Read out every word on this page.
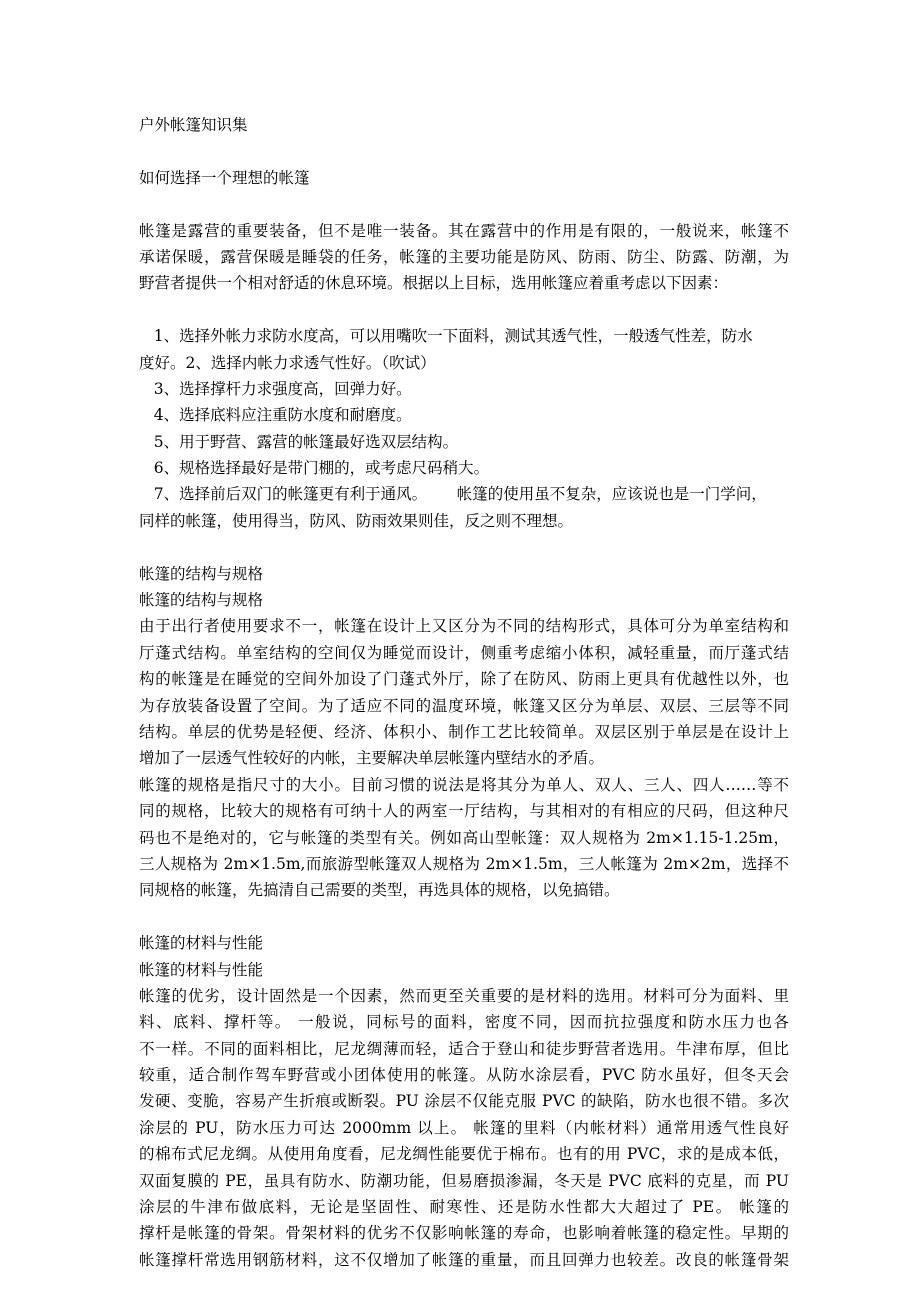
户外帐篷知识集
如何选择一个理想的帐篷
帐篷是露营的重要装备，但不是唯一装备。其在露营中的作用是有限的，一般说来，帐篷不
承诺保暖，露营保暖是睡袋的任务，帐篷的主要功能是防风、防雨、防尘、防露、防潮，为
野营者提供一个相对舒适的休息环境。根据以上目标，选用帐篷应着重考虑以下因素：
1、选择外帐力求防水度高，可以用嘴吹一下面料，测试其透气性，一般透气性差，防水
度好。2、选择内帐力求透气性好。（吹试）
3、选择撑杆力求强度高，回弹力好。
4、选择底料应注重防水度和耐磨度。
5、用于野营、露营的帐篷最好选双层结构。
6、规格选择最好是带门棚的，或考虑尺码稍大。
7、选择前后双门的帐篷更有利于通风。      帐篷的使用虽不复杂，应该说也是一门学问，
同样的帐篷，使用得当，防风、防雨效果则佳，反之则不理想。
帐篷的结构与规格
帐篷的结构与规格
由于出行者使用要求不一，帐篷在设计上又区分为不同的结构形式，具体可分为单室结构和
厅蓬式结构。单室结构的空间仅为睡觉而设计，侧重考虑缩小体积，减轻重量，而厅蓬式结
构的帐篷是在睡觉的空间外加设了门蓬式外厅，除了在防风、防雨上更具有优越性以外，也
为存放装备设置了空间。为了适应不同的温度环境，帐篷又区分为单层、双层、三层等不同
结构。单层的优势是轻便、经济、体积小、制作工艺比较简单。双层区别于单层是在设计上
增加了一层透气性较好的内帐，主要解决单层帐篷内壁结水的矛盾。
帐篷的规格是指尺寸的大小。目前习惯的说法是将其分为单人、双人、三人、四人……等不
同的规格，比较大的规格有可纳十人的两室一厅结构，与其相对的有相应的尺码，但这种尺
码也不是绝对的，它与帐篷的类型有关。例如高山型帐篷：双人规格为 2m×1.15-1.25m，
三人规格为 2m×1.5m,而旅游型帐篷双人规格为 2m×1.5m，三人帐篷为 2m×2m，选择不
同规格的帐篷，先搞清自己需要的类型，再选具体的规格，以免搞错。
帐篷的材料与性能
帐篷的材料与性能
帐篷的优劣，设计固然是一个因素，然而更至关重要的是材料的选用。材料可分为面料、里
料、底料、撑杆等。 一般说，同标号的面料，密度不同，因而抗拉强度和防水压力也各
不一样。不同的面料相比，尼龙绸薄而轻，适合于登山和徒步野营者选用。牛津布厚，但比
较重，适合制作驾车野营或小团体使用的帐篷。从防水涂层看，PVC 防水虽好，但冬天会
发硬、变脆，容易产生折痕或断裂。PU 涂层不仅能克服 PVC 的缺陷，防水也很不错。多次
涂层的 PU，防水压力可达 2000mm 以上。 帐篷的里料（内帐材料）通常用透气性良好
的棉布式尼龙绸。从使用角度看，尼龙绸性能要优于棉布。也有的用 PVC，求的是成本低，
双面复膜的 PE，虽具有防水、防潮功能，但易磨损渗漏，冬天是 PVC 底料的克星，而 PU
涂层的牛津布做底料，无论是坚固性、耐寒性、还是防水性都大大超过了 PE。 帐篷的
撑杆是帐篷的骨架。骨架材料的优劣不仅影响帐篷的寿命，也影响着帐篷的稳定性。早期的
帐篷撑杆常选用钢筋材料，这不仅增加了帐篷的重量，而且回弹力也较差。改良的帐篷骨架
